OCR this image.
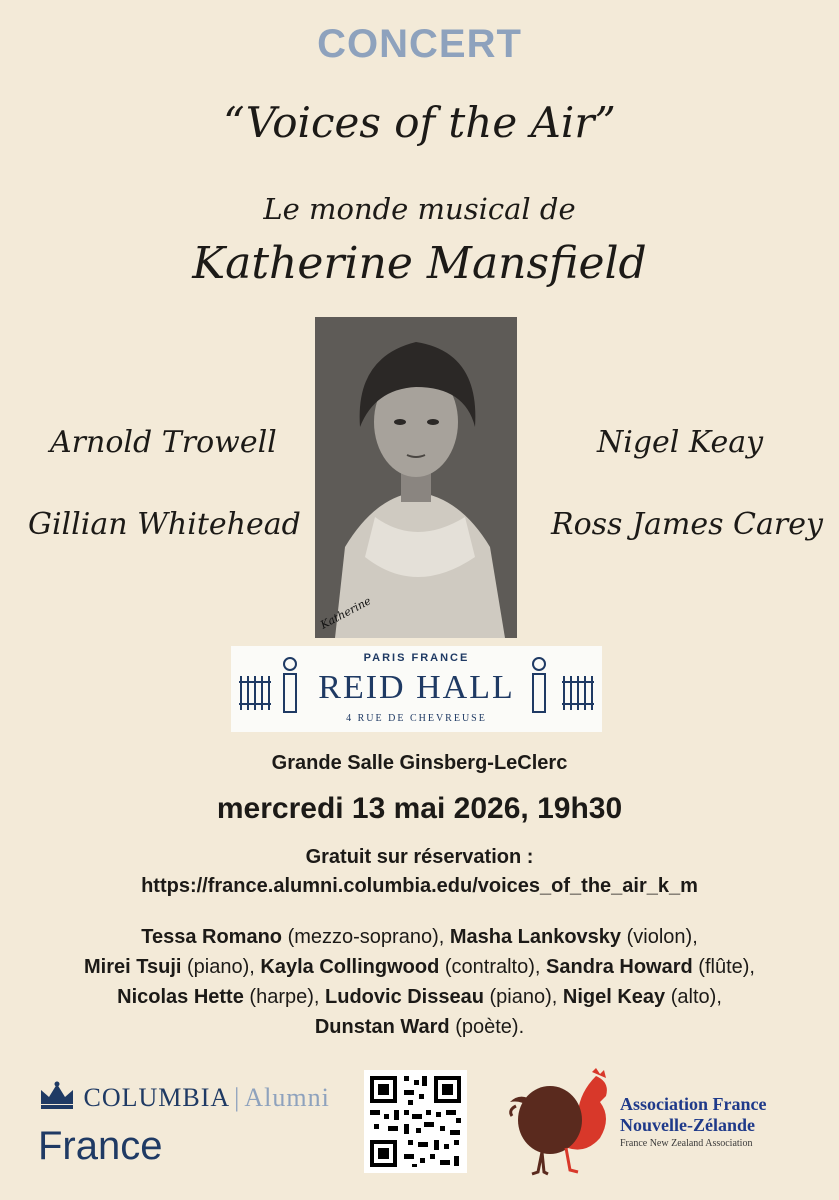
CONCERT
“Voices of the Air”
Le monde musical de
Katherine Mansfield
Arnold Trowell
Gillian Whitehead
Nigel Keay
Ross James Carey
Katherine
PARIS FRANCE
REID HALL
4 RUE DE CHEVREUSE
Grande Salle Ginsberg-LeClerc
mercredi 13 mai 2026, 19h30
Gratuit sur réservation :
https://france.alumni.columbia.edu/voices_of_the_air_k_m
Tessa Romano (mezzo-soprano), Masha Lankovsky (violon),
Mirei Tsuji (piano), Kayla Collingwood (contralto), Sandra Howard (flûte),
Nicolas Hette (harpe), Ludovic Disseau (piano), Nigel Keay (alto),
Dunstan Ward (poète).
COLUMBIA | Alumni
France
Association France
Nouvelle-Zélande
France New Zealand Association
